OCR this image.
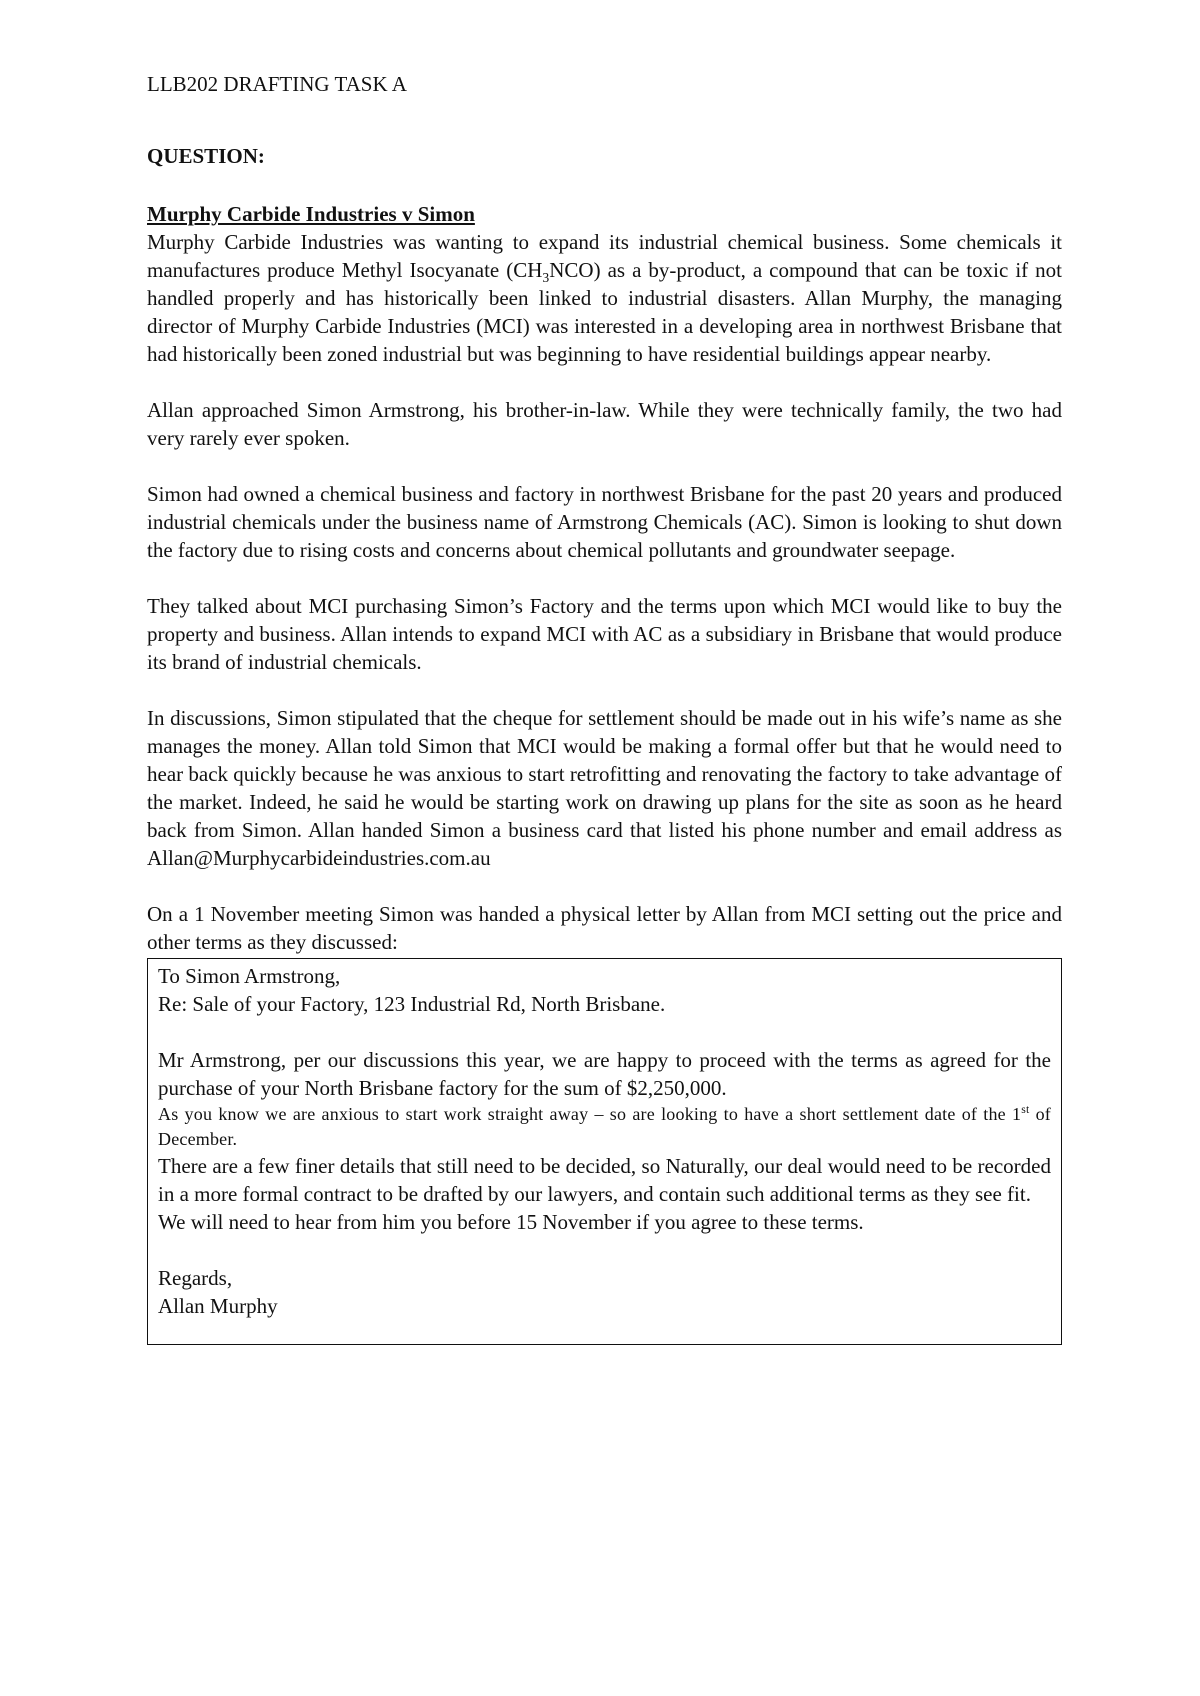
LLB202 DRAFTING TASK A
QUESTION:
Murphy Carbide Industries v Simon

Murphy Carbide Industries was wanting to expand its industrial chemical business. Some chemicals it manufactures produce Methyl Isocyanate $(CH_3NCO)$ as a by-product, a compound that can be toxic if not handled properly and has historically been linked to industrial disasters. Allan Murphy, the managing director of Murphy Carbide Industries (MCI) was interested in a developing area in northwest Brisbane that had historically been zoned industrial but was beginning to have residential buildings appear nearby.

Allan approached Simon Armstrong, his brother-in-law. While they were technically family, the two had very rarely ever spoken.

Simon had owned a chemical business and factory in northwest Brisbane for the past 20 years and produced industrial chemicals under the business name of Armstrong Chemicals (AC). Simon is looking to shut down the factory due to rising costs and concerns about chemical pollutants and groundwater seepage.

They talked about MCI purchasing Simon’s Factory and the terms upon which MCI would like to buy the property and business. Allan intends to expand MCI with AC as a subsidiary in Brisbane that would produce its brand of industrial chemicals.

In discussions, Simon stipulated that the cheque for settlement should be made out in his wife’s name as she manages the money. Allan told Simon that MCI would be making a formal offer but that he would need to hear back quickly because he was anxious to start retrofitting and renovating the factory to take advantage of the market. Indeed, he said he would be starting work on drawing up plans for the site as soon as he heard back from Simon. Allan handed Simon a business card that listed his phone number and email address as Allan@Murphycarbideindustries.com.au

On a 1 November meeting Simon was handed a physical letter by Allan from MCI setting out the price and other terms as they discussed:

To Simon Armstrong,

Re: Sale of your Factory, 123 Industrial Rd, North Brisbane.

Mr Armstrong, per our discussions this year, we are happy to proceed with the terms as agreed for the purchase of your North Brisbane factory for the sum of $2,250,000.

As you know we are anxious to start work straight away – so are looking to have a short settlement date of the 1st of December.

There are a few finer details that still need to be decided, so Naturally, our deal would need to be recorded in a more formal contract to be drafted by our lawyers, and contain such additional terms as they see fit.

We will need to hear from him you before 15 November if you agree to these terms.

Regards,

Allan Murphy
